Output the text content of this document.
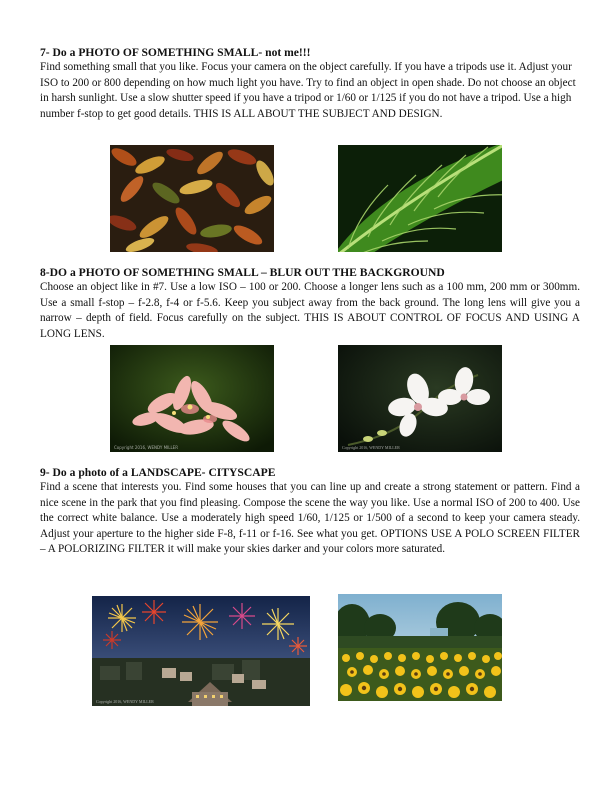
7- Do a PHOTO OF SOMETHING SMALL- not me!!!

Find something small that you like. Focus your camera on the object carefully. If you have a tripods use it. Adjust your ISO to 200 or 800 depending on how much light you have. Try to find an object in open shade. Do not choose an object in harsh sunlight. Use a slow shutter speed if you have a tripod or 1/60 or 1/125 if you do not have a tripod. Use a high number f-stop to get good details. THIS IS ALL ABOUT THE SUBJECT AND DESIGN.

8-DO a PHOTO OF SOMETHING SMALL – BLUR OUT THE BACKGROUND

Choose an object like in #7. Use a low ISO – 100 or 200. Choose a longer lens such as a 100 mm, 200 mm or 300mm. Use a small f-stop – f-2.8, f-4 or f-5.6. Keep you subject away from the back ground. The long lens will give you a narrow – depth of field. Focus carefully on the subject. THIS IS ABOUT CONTROL OF FOCUS AND USING A LONG LENS.

Copyright 2016, WENDY MILLER	Copyright 2016, WENDY MILLER

9- Do a photo of a LANDSCAPE- CITYSCAPE

Find a scene that interests you. Find some houses that you can line up and create a strong statement or pattern. Find a nice scene in the park that you find pleasing. Compose the scene the way you like. Use a normal ISO of 200 to 400. Use the correct white balance. Use a moderately high speed 1/60, 1/125 or 1/500 of a second to keep your camera steady. Adjust your aperture to the higher side F-8, f-11 or f-16. See what you get. OPTIONS USE A POLO SCREEN FILTER – A POLORIZING FILTER it will make your skies darker and your colors more saturated.

Copyright 2016, WENDY MILLER
